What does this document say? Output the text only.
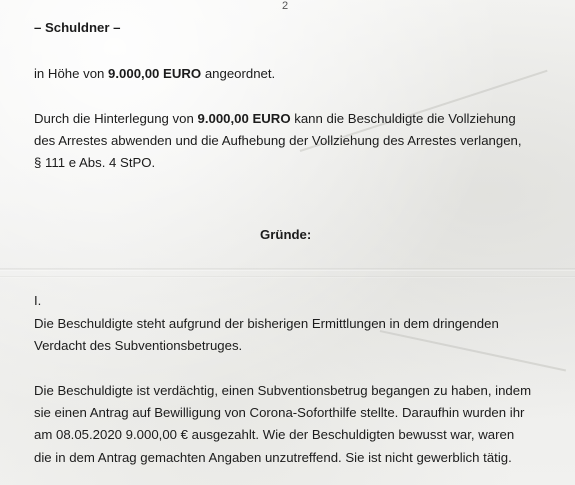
2
– Schuldner –
in Höhe von 9.000,00 EURO angeordnet.
Durch die Hinterlegung von 9.000,00 EURO kann die Beschuldigte die Vollziehung
des Arrestes abwenden und die Aufhebung der Vollziehung des Arrestes verlangen,
§ 111 e Abs. 4 StPO.
Gründe:
I.
Die Beschuldigte steht aufgrund der bisherigen Ermittlungen in dem dringenden
Verdacht des Subventionsbetruges.
Die Beschuldigte ist verdächtig, einen Subventionsbetrug begangen zu haben, indem
sie einen Antrag auf Bewilligung von Corona-Soforthilfe stellte. Daraufhin wurden ihr
am 08.05.2020 9.000,00 € ausgezahlt. Wie der Beschuldigten bewusst war, waren
die in dem Antrag gemachten Angaben unzutreffend. Sie ist nicht gewerblich tätig.
